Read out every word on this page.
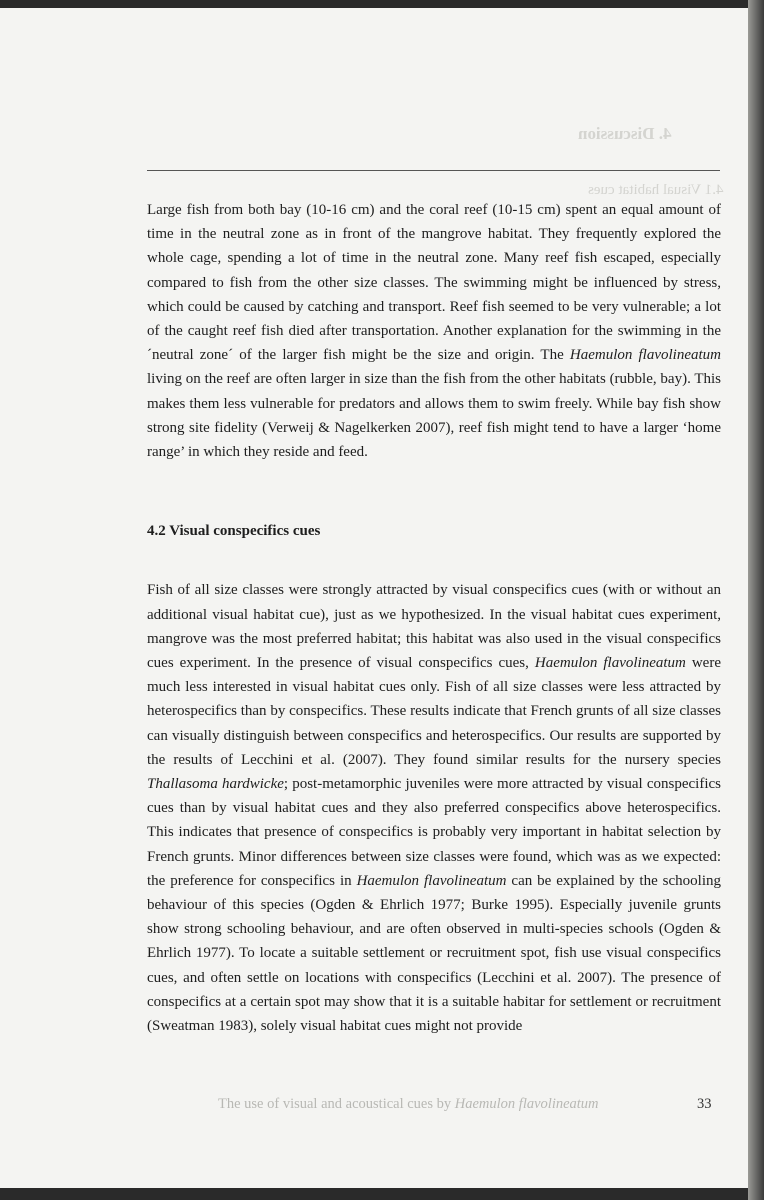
4. Discussion
4.1 Visual habitat cues

Large fish from both bay (10-16 cm) and the coral reef (10-15 cm) spent an equal amount of time in the neutral zone as in front of the mangrove habitat. They frequently explored the whole cage, spending a lot of time in the neutral zone. Many reef fish escaped, especially compared to fish from the other size classes. The swimming might be influenced by stress, which could be caused by catching and transport. Reef fish seemed to be very vulnerable; a lot of the caught reef fish died after transportation. Another explanation for the swimming in the ´neutral zone´ of the larger fish might be the size and origin. The Haemulon flavolineatum living on the reef are often larger in size than the fish from the other habitats (rubble, bay). This makes them less vulnerable for predators and allows them to swim freely. While bay fish show strong site fidelity (Verweij & Nagelkerken 2007), reef fish might tend to have a larger ‘home range’ in which they reside and feed.

4.2 Visual conspecifics cues

Fish of all size classes were strongly attracted by visual conspecifics cues (with or without an additional visual habitat cue), just as we hypothesized. In the visual habitat cues experiment, mangrove was the most preferred habitat; this habitat was also used in the visual conspecifics cues experiment. In the presence of visual conspecifics cues, Haemulon flavolineatum were much less interested in visual habitat cues only. Fish of all size classes were less attracted by heterospecifics than by conspecifics. These results indicate that French grunts of all size classes can visually distinguish between conspecifics and heterospecifics. Our results are supported by the results of Lecchini et al. (2007). They found similar results for the nursery species Thallasoma hardwicke; post-metamorphic juveniles were more attracted by visual conspecifics cues than by visual habitat cues and they also preferred conspecifics above heterospecifics. This indicates that presence of conspecifics is probably very important in habitat selection by French grunts. Minor differences between size classes were found, which was as we expected: the preference for conspecifics in Haemulon flavolineatum can be explained by the schooling behaviour of this species (Ogden & Ehrlich 1977; Burke 1995). Especially juvenile grunts show strong schooling behaviour, and are often observed in multi-species schools (Ogden & Ehrlich 1977). To locate a suitable settlement or recruitment spot, fish use visual conspecifics cues, and often settle on locations with conspecifics (Lecchini et al. 2007). The presence of conspecifics at a certain spot may show that it is a suitable habitar for settlement or recruitment (Sweatman 1983), solely visual habitat cues might not provide

The use of visual and acoustical cues by Haemulon flavolineatum	33
